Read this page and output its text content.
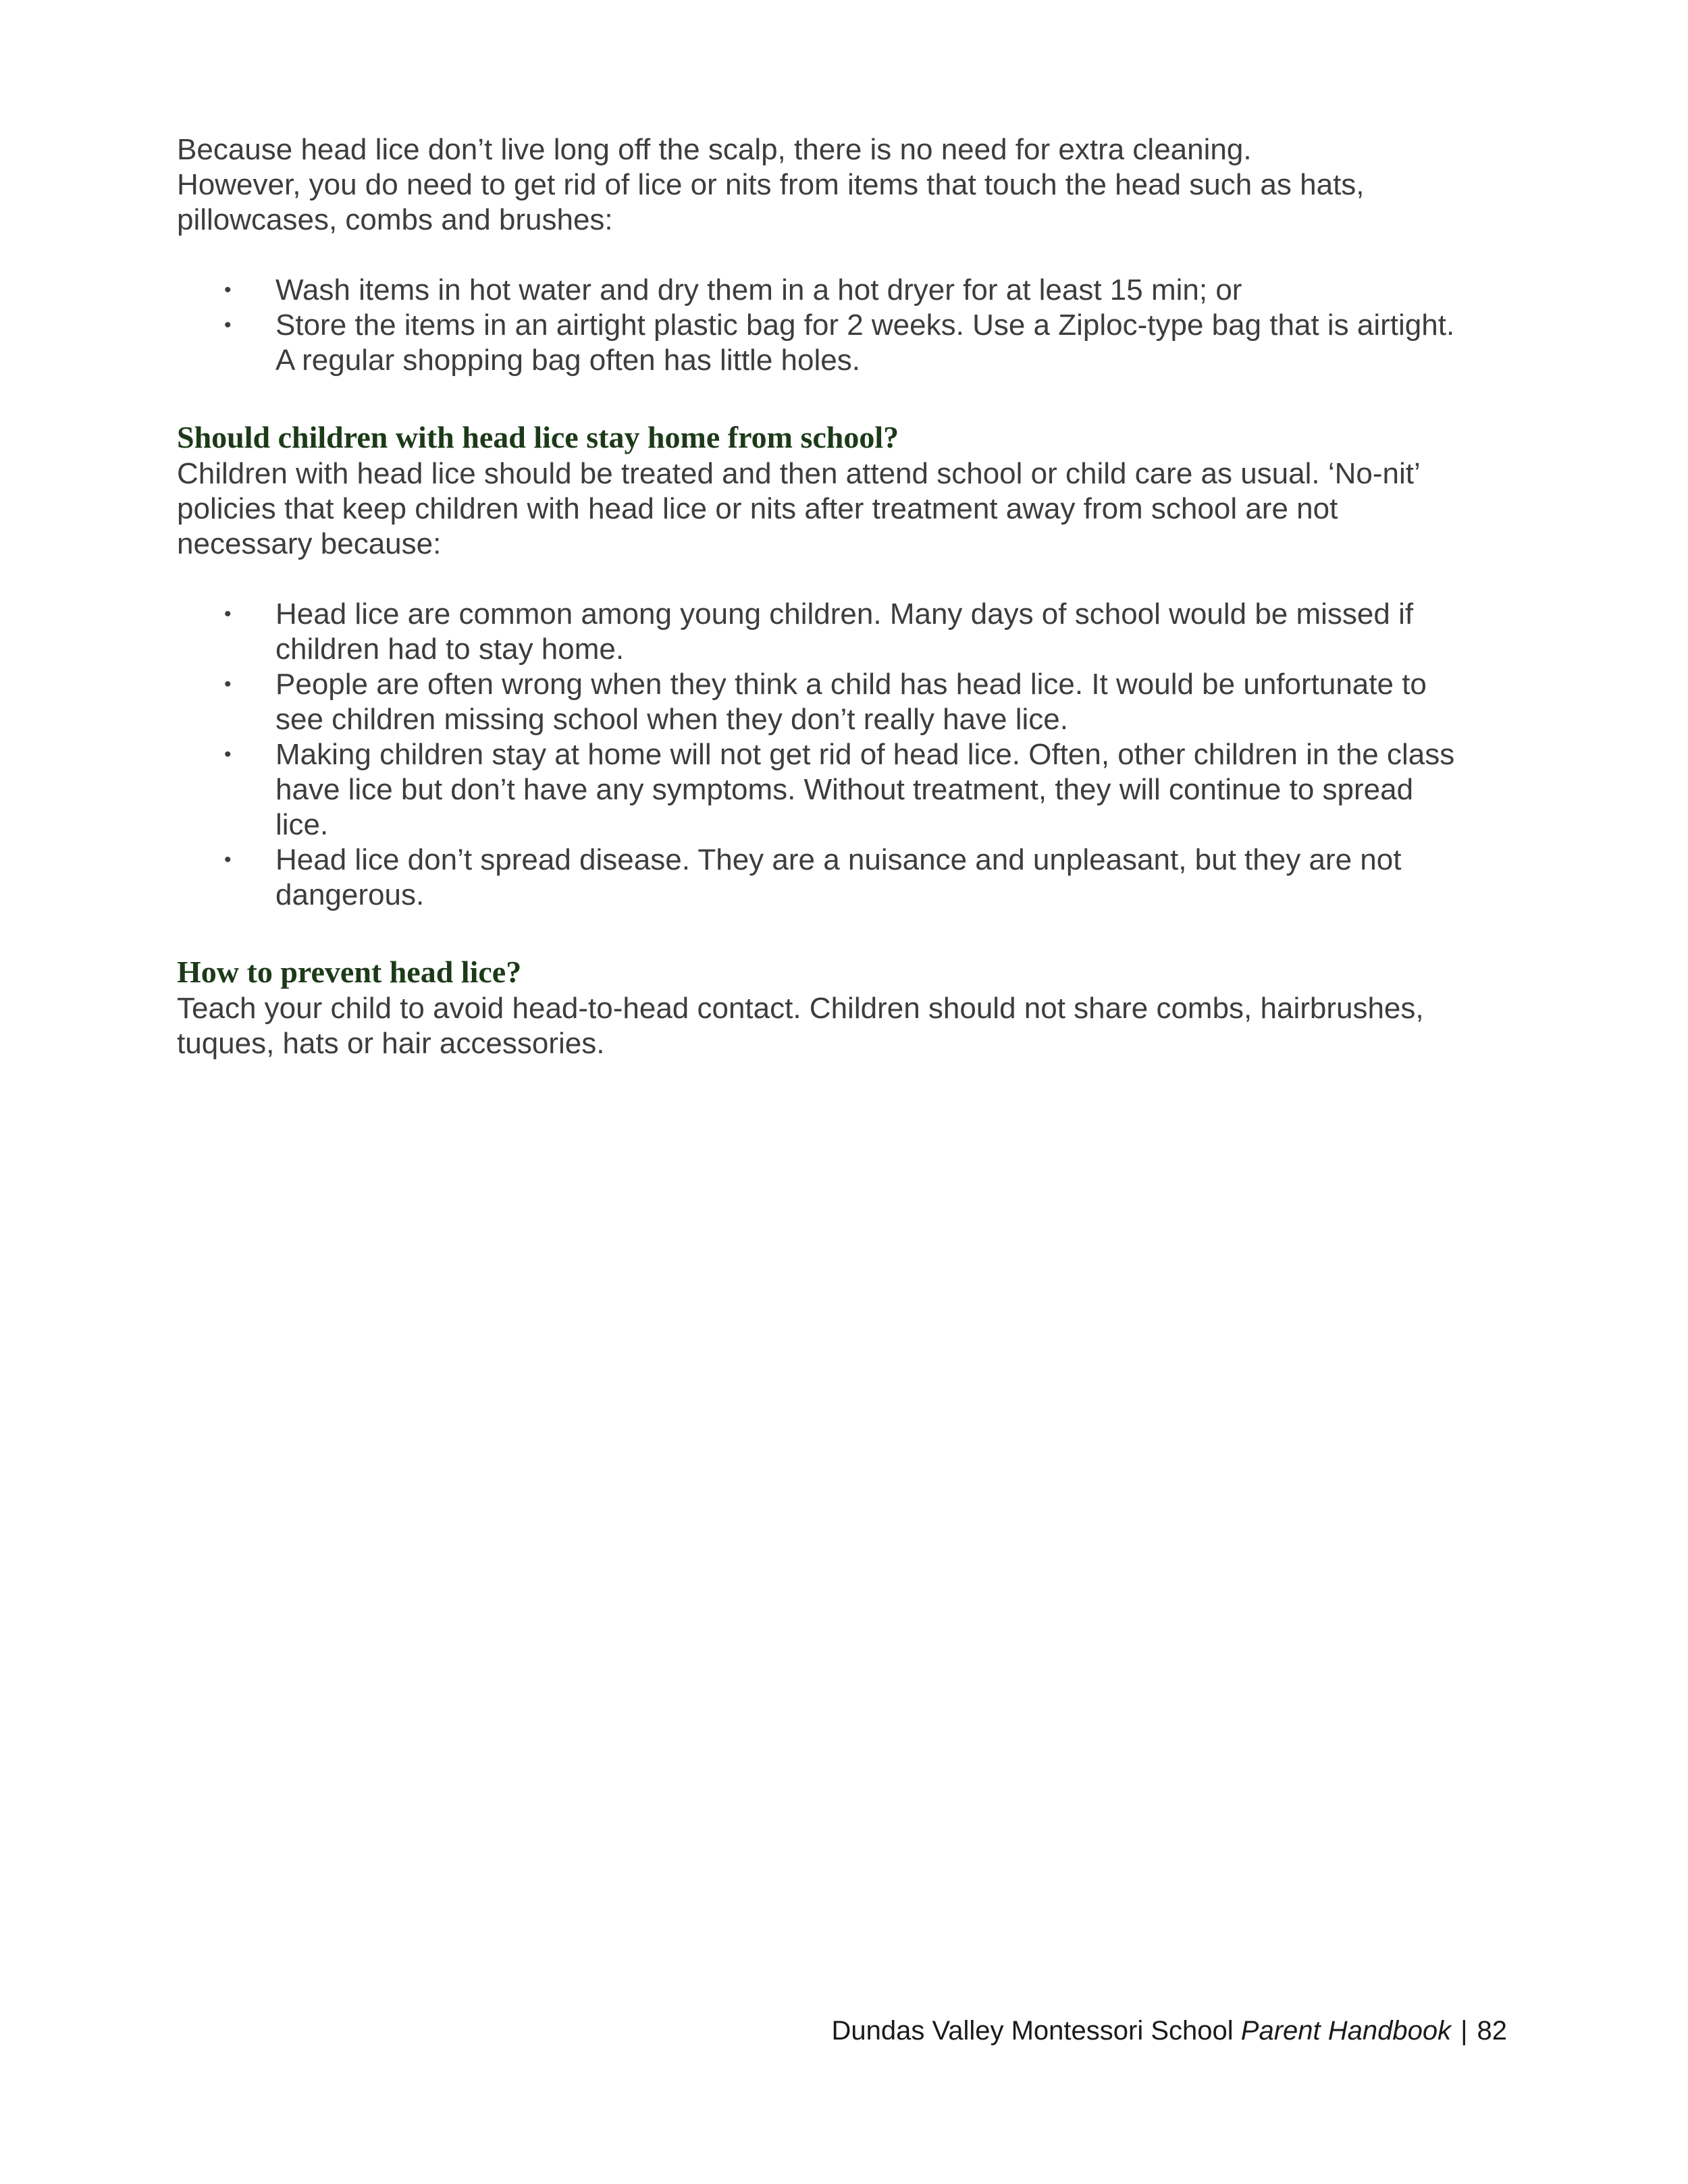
Because head lice don’t live long off the scalp, there is no need for extra cleaning.

However, you do need to get rid of lice or nits from items that touch the head such as hats, pillowcases, combs and brushes:

• Wash items in hot water and dry them in a hot dryer for at least 15 min; or
• Store the items in an airtight plastic bag for 2 weeks. Use a Ziploc-type bag that is airtight. A regular shopping bag often has little holes.
Should children with head lice stay home from school?

Children with head lice should be treated and then attend school or child care as usual. ‘No-nit’ policies that keep children with head lice or nits after treatment away from school are not necessary because:

• Head lice are common among young children. Many days of school would be missed if children had to stay home.
• People are often wrong when they think a child has head lice. It would be unfortunate to see children missing school when they don’t really have lice.
• Making children stay at home will not get rid of head lice. Often, other children in the class have lice but don’t have any symptoms. Without treatment, they will continue to spread lice.
• Head lice don’t spread disease. They are a nuisance and unpleasant, but they are not dangerous.
How to prevent head lice?

Teach your child to avoid head-to-head contact. Children should not share combs, hairbrushes, tuques, hats or hair accessories.

Dundas Valley Montessori School Parent Handbook | 82
